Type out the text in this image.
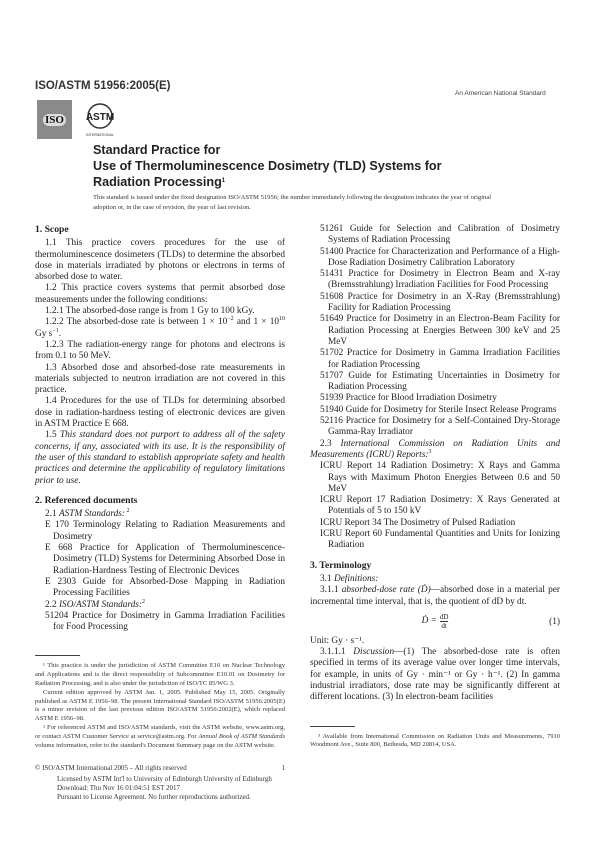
ISO/ASTM 51956:2005(E)
An American National Standard
ISO ASTM
INTERNATIONAL
Standard Practice for
Use of Thermoluminescence Dosimetry (TLD) Systems for
Radiation Processing$^1$
This standard is issued under the fixed designation ISO/ASTM 51956; the number immediately following the designation indicates the year of original adoption or, in the case of revision, the year of last revision.
1. Scope

1.1 This practice covers procedures for the use of thermoluminescence dosimeters (TLDs) to determine the absorbed dose in materials irradiated by photons or electrons in terms of absorbed dose to water.

1.2 This practice covers systems that permit absorbed dose measurements under the following conditions:

1.2.1 The absorbed-dose range is from 1 Gy to 100 kGy.

1.2.2 The absorbed-dose rate is between $1 \times 10^{-2}$ and $1 \times 10^{10}$ Gy $s^{-1}$.

1.2.3 The radiation-energy range for photons and electrons is from 0.1 to 50 MeV.

1.3 Absorbed dose and absorbed-dose rate measurements in materials subjected to neutron irradiation are not covered in this practice.

1.4 Procedures for the use of TLDs for determining absorbed dose in radiation-hardness testing of electronic devices are given in ASTM Practice E 668.

1.5 This standard does not purport to address all of the safety concerns, if any, associated with its use. It is the responsibility of the user of this standard to establish appropriate safety and health practices and determine the applicability of regulatory limitations prior to use.

2. Referenced documents

2.1 ASTM Standards: $^2$

E 170 Terminology Relating to Radiation Measurements and Dosimetry

E 668 Practice for Application of Thermoluminescence-Dosimetry (TLD) Systems for Determining Absorbed Dose in Radiation-Hardness Testing of Electronic Devices

E 2303 Guide for Absorbed-Dose Mapping in Radiation Processing Facilities

2.2 ISO/ASTM Standards:$^2$

51204 Practice for Dosimetry in Gamma Irradiation Facilities for Food Processing

¹ This practice is under the jurisdiction of ASTM Committee E10 on Nuclear Technology and Applications and is the direct responsibility of Subcommittee E10.01 on Dosimetry for Radiation Processing, and is also under the jurisdiction of ISO/TC 85/WG 3.

Current edition approved by ASTM Jan. 1, 2005. Published May 15, 2005. Originally published as ASTM E 1956–98. The present International Standard ISO/ASTM 51956:2005(E) is a minor revision of the last previous edition ISO/ASTM 51956:2002(E), which replaced ASTM E 1956–98.

² For referenced ASTM and ISO/ASTM standards, visit the ASTM website, www.astm.org, or contact ASTM Customer Service at service@astm.org. For Annual Book of ASTM Standards volume information, refer to the standard's Document Summary page on the ASTM website.

© ISO/ASTM International 2005 – All rights reserved	1
Licensed by ASTM Int'l to University of Edinburgh University of Edinburgh
Download: Thu Nov 16 01:04:51 EST 2017
Pursuant to License Agreement. No further reproductions authorized.

51261 Guide for Selection and Calibration of Dosimetry Systems of Radiation Processing

51400 Practice for Characterization and Performance of a High-Dose Radiation Dosimetry Calibration Laboratory

51431 Practice for Dosimetry in Electron Beam and X-ray (Bremsstrahlung) Irradiation Facilities for Food Processing

51608 Practice for Dosimetry in an X-Ray (Bremsstrahlung) Facility for Radiation Processing

51649 Practice for Dosimetry in an Electron-Beam Facility for Radiation Processing at Energies Between 300 keV and 25 MeV

51702 Practice for Dosimetry in Gamma Irradiation Facilities for Radiation Processing

51707 Guide for Estimating Uncertainties in Dosimetry for Radiation Processing

51939 Practice for Blood Irradiation Dosimetry

51940 Guide for Dosimetry for Sterile Insect Release Programs

52116 Practice for Dosimetry for a Self-Contained Dry-Storage Gamma-Ray Irradiator

2.3 International Commission on Radiation Units and Measurements (ICRU) Reports:$^3$

ICRU Report 14 Radiation Dosimetry: X Rays and Gamma Rays with Maximum Photon Energies Between 0.6 and 50 MeV

ICRU Report 17 Radiation Dosimetry: X Rays Generated at Potentials of 5 to 150 kV

ICRU Report 34 The Dosimetry of Pulsed Radiation

ICRU Report 60 Fundamental Quantities and Units for Ionizing Radiation

3. Terminology

3.1 Definitions:

3.1.1 absorbed-dose rate (Ḋ)—absorbed dose in a material per incremental time interval, that is, the quotient of dD by dt.

Ḋ = $\frac{dD}{dt}$	(1)
Unit: Gy · s⁻¹.

3.1.1.1 Discussion—(1) The absorbed-dose rate is often specified in terms of its average value over longer time intervals, for example, in units of Gy · min⁻¹ or Gy · h⁻¹. (2) In gamma industrial irradiators, dose rate may be significantly different at different locations. (3) In electron-beam facilities

³ Available from International Commission on Radiation Units and Measurements, 7910 Woodmont Ave., Suite 800, Bethesda, MD 20814, USA.
